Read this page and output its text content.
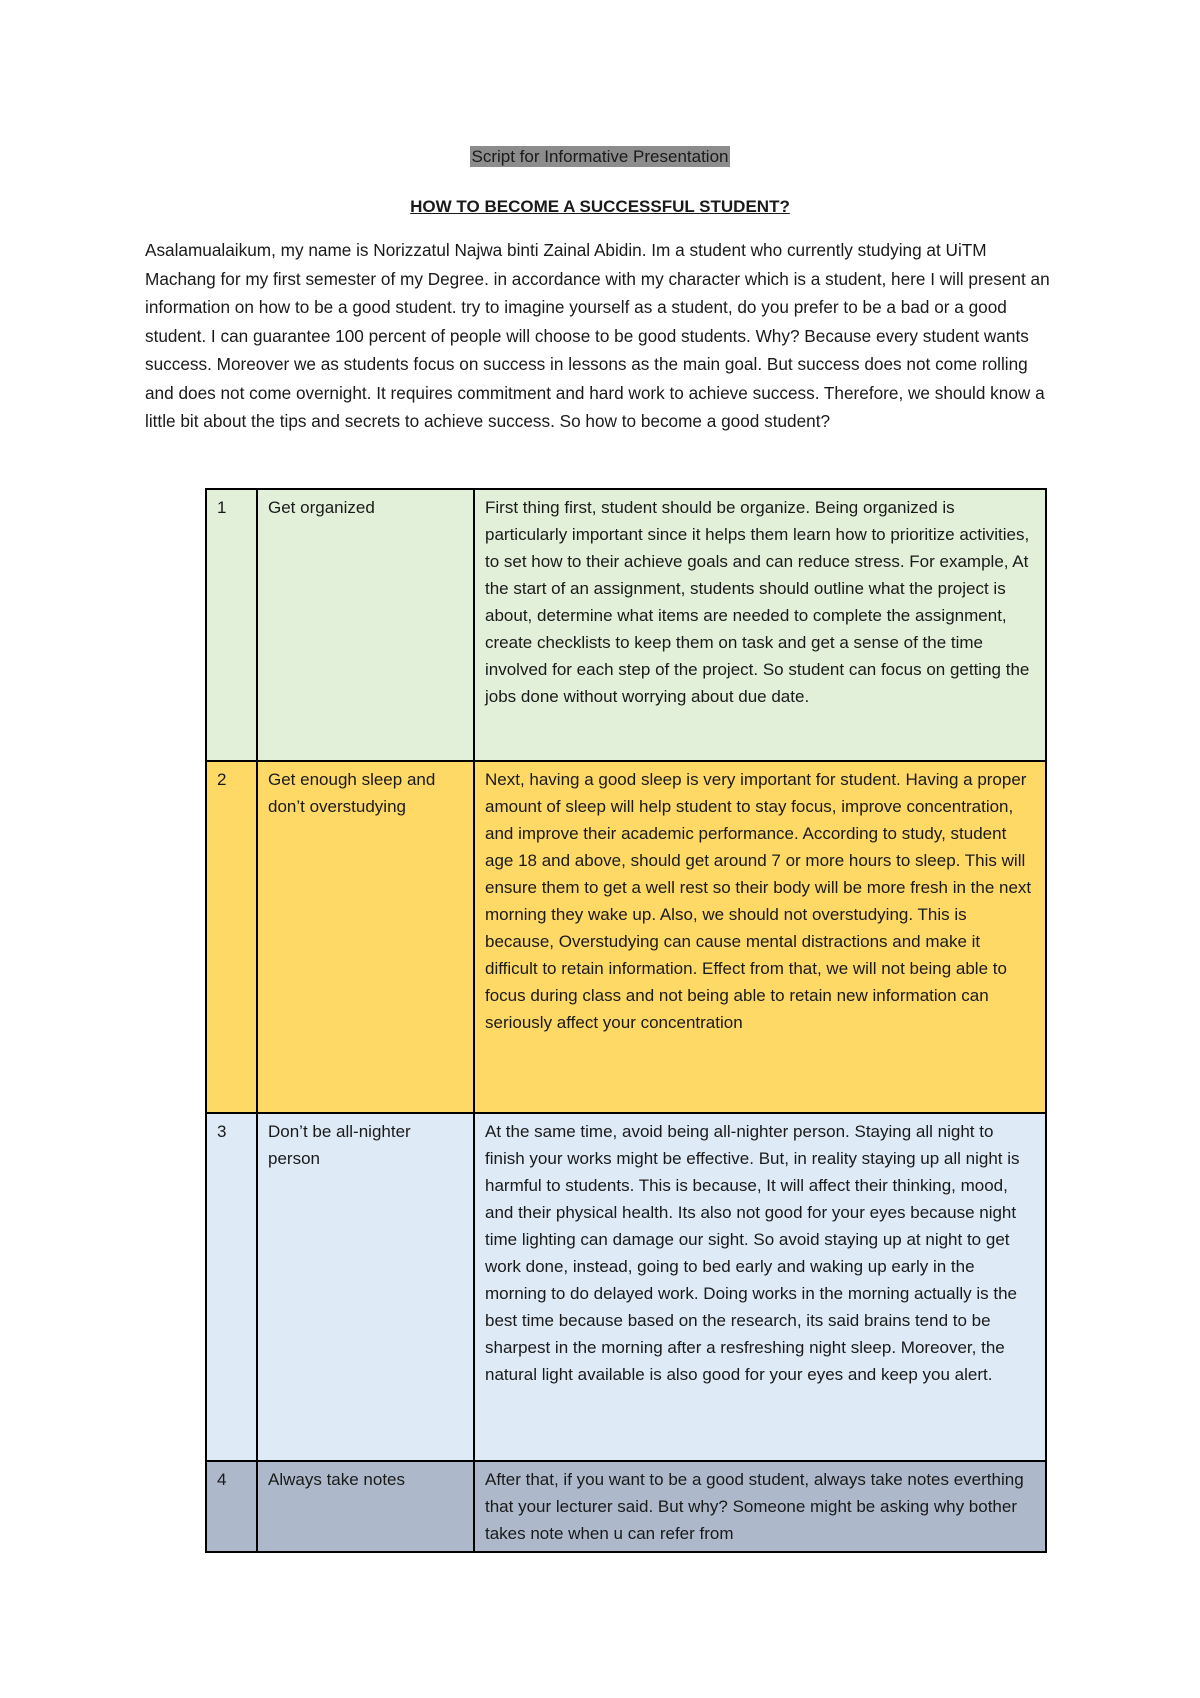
Script for Informative Presentation
HOW TO BECOME A SUCCESSFUL STUDENT?

Asalamualaikum, my name is Norizzatul Najwa binti Zainal Abidin. Im a student who currently studying at UiTM Machang for my first semester of my Degree. in accordance with my character which is a student, here I will present an information on how to be a good student. try to imagine yourself as a student, do you prefer to be a bad or a good student. I can guarantee 100 percent of people will choose to be good students. Why? Because every student wants success. Moreover we as students focus on success in lessons as the main goal. But success does not come rolling and does not come overnight. It requires commitment and hard work to achieve success. Therefore, we should know a little bit about the tips and secrets to achieve success. So how to become a good student?

1	Get organized	First thing first, student should be organize. Being organized is particularly important since it helps them learn how to prioritize activities, to set how to their achieve goals and can reduce stress. For example, At the start of an assignment, students should outline what the project is about, determine what items are needed to complete the assignment, create checklists to keep them on task and get a sense of the time involved for each step of the project. So student can focus on getting the jobs done without worrying about due date.
2	Get enough sleep and don’t overstudying	Next, having a good sleep is very important for student. Having a proper amount of sleep will help student to stay focus, improve concentration, and improve their academic performance. According to study, student age 18 and above, should get around 7 or more hours to sleep. This will ensure them to get a well rest so their body will be more fresh in the next morning they wake up. Also, we should not overstudying. This is because, Overstudying can cause mental distractions and make it difficult to retain information. Effect from that, we will not being able to focus during class and not being able to retain new information can seriously affect your concentration
3	Don’t be all-nighter person	At the same time, avoid being all-nighter person. Staying all night to finish your works might be effective. But, in reality staying up all night is harmful to students. This is because, It will affect their thinking, mood, and their physical health. Its also not good for your eyes because night time lighting can damage our sight. So avoid staying up at night to get work done, instead, going to bed early and waking up early in the morning to do delayed work. Doing works in the morning actually is the best time because based on the research, its said brains tend to be sharpest in the morning after a resfreshing night sleep. Moreover, the natural light available is also good for your eyes and keep you alert.
4	Always take notes	After that, if you want to be a good student, always take notes everthing that your lecturer said. But why? Someone might be asking why bother takes note when u can refer from
